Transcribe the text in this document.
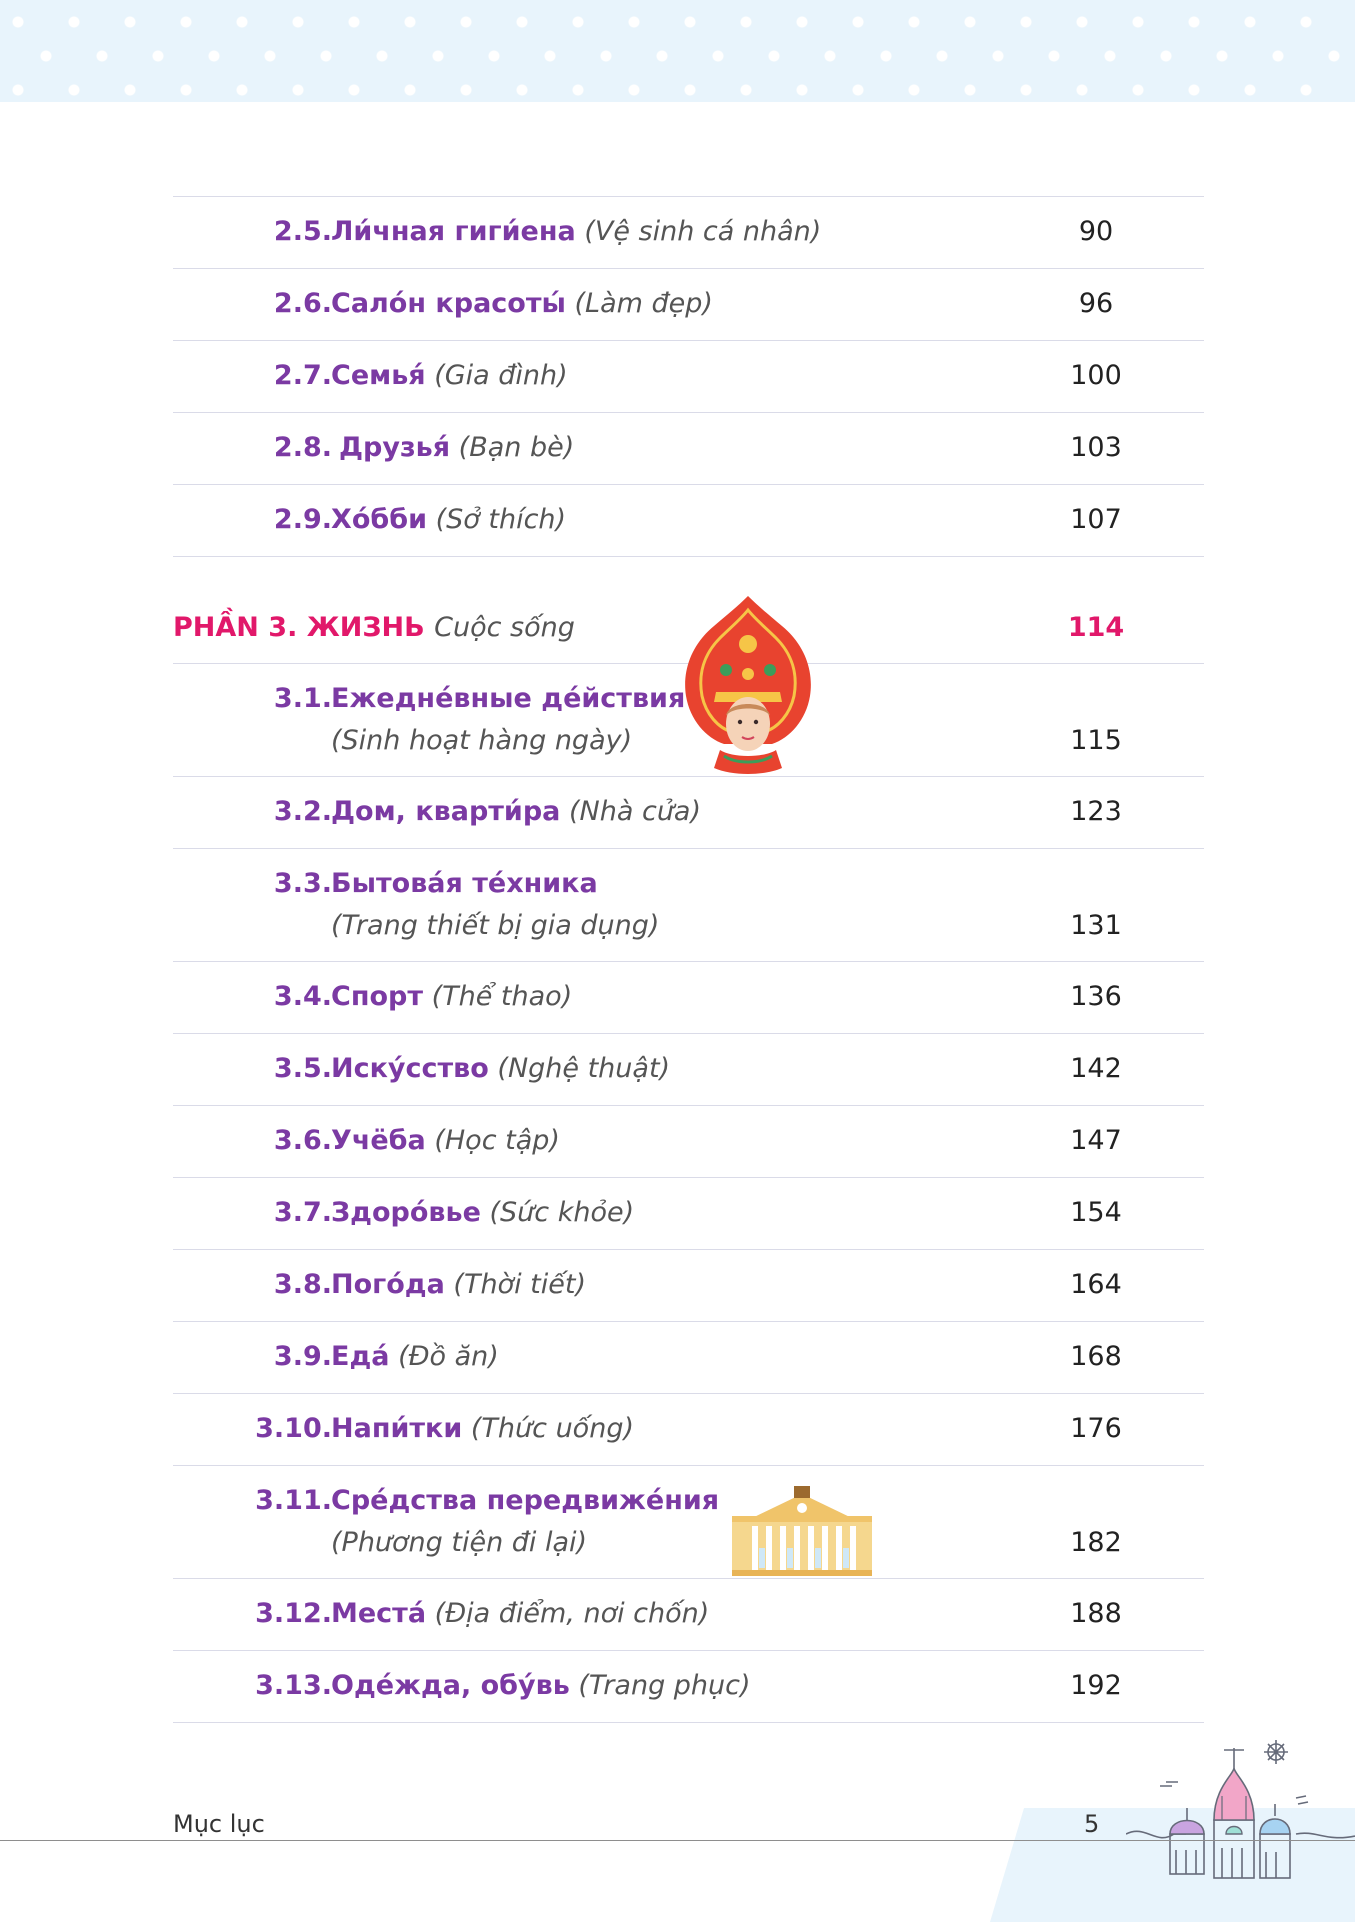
2.5. Ли́чная гиги́ена (Vệ sinh cá nhân)	90
2.6. Сало́н красоты́ (Làm đẹp)	96
2.7. Семья́ (Gia đình)	100
2.8. Друзья́ (Bạn bè)	103
2.9. Хо́бби (Sở thích)	107
PHẦN 3. ЖИЗНЬ Cuộc sống	114
3.1. Ежедне́вные де́йствия
(Sinh hoạt hàng ngày)	115
3.2. Дом, кварти́ра (Nhà cửa)	123
3.3. Бытова́я те́хника
(Trang thiết bị gia dụng)	131
3.4. Спорт (Thể thao)	136
3.5. Иску́сство (Nghệ thuật)	142
3.6. Учёба (Học tập)	147
3.7. Здоро́вье (Sức khỏe)	154
3.8. Пого́да (Thời tiết)	164
3.9. Еда́ (Đồ ăn)	168
3.10. Напи́тки (Thức uống)	176
3.11. Сре́дства передвиже́ния
(Phương tiện đi lại)	182
3.12. Места́ (Địa điểm, nơi chốn)	188
3.13. Оде́жда, обу́вь (Trang phục)	192
Mục lục	5
